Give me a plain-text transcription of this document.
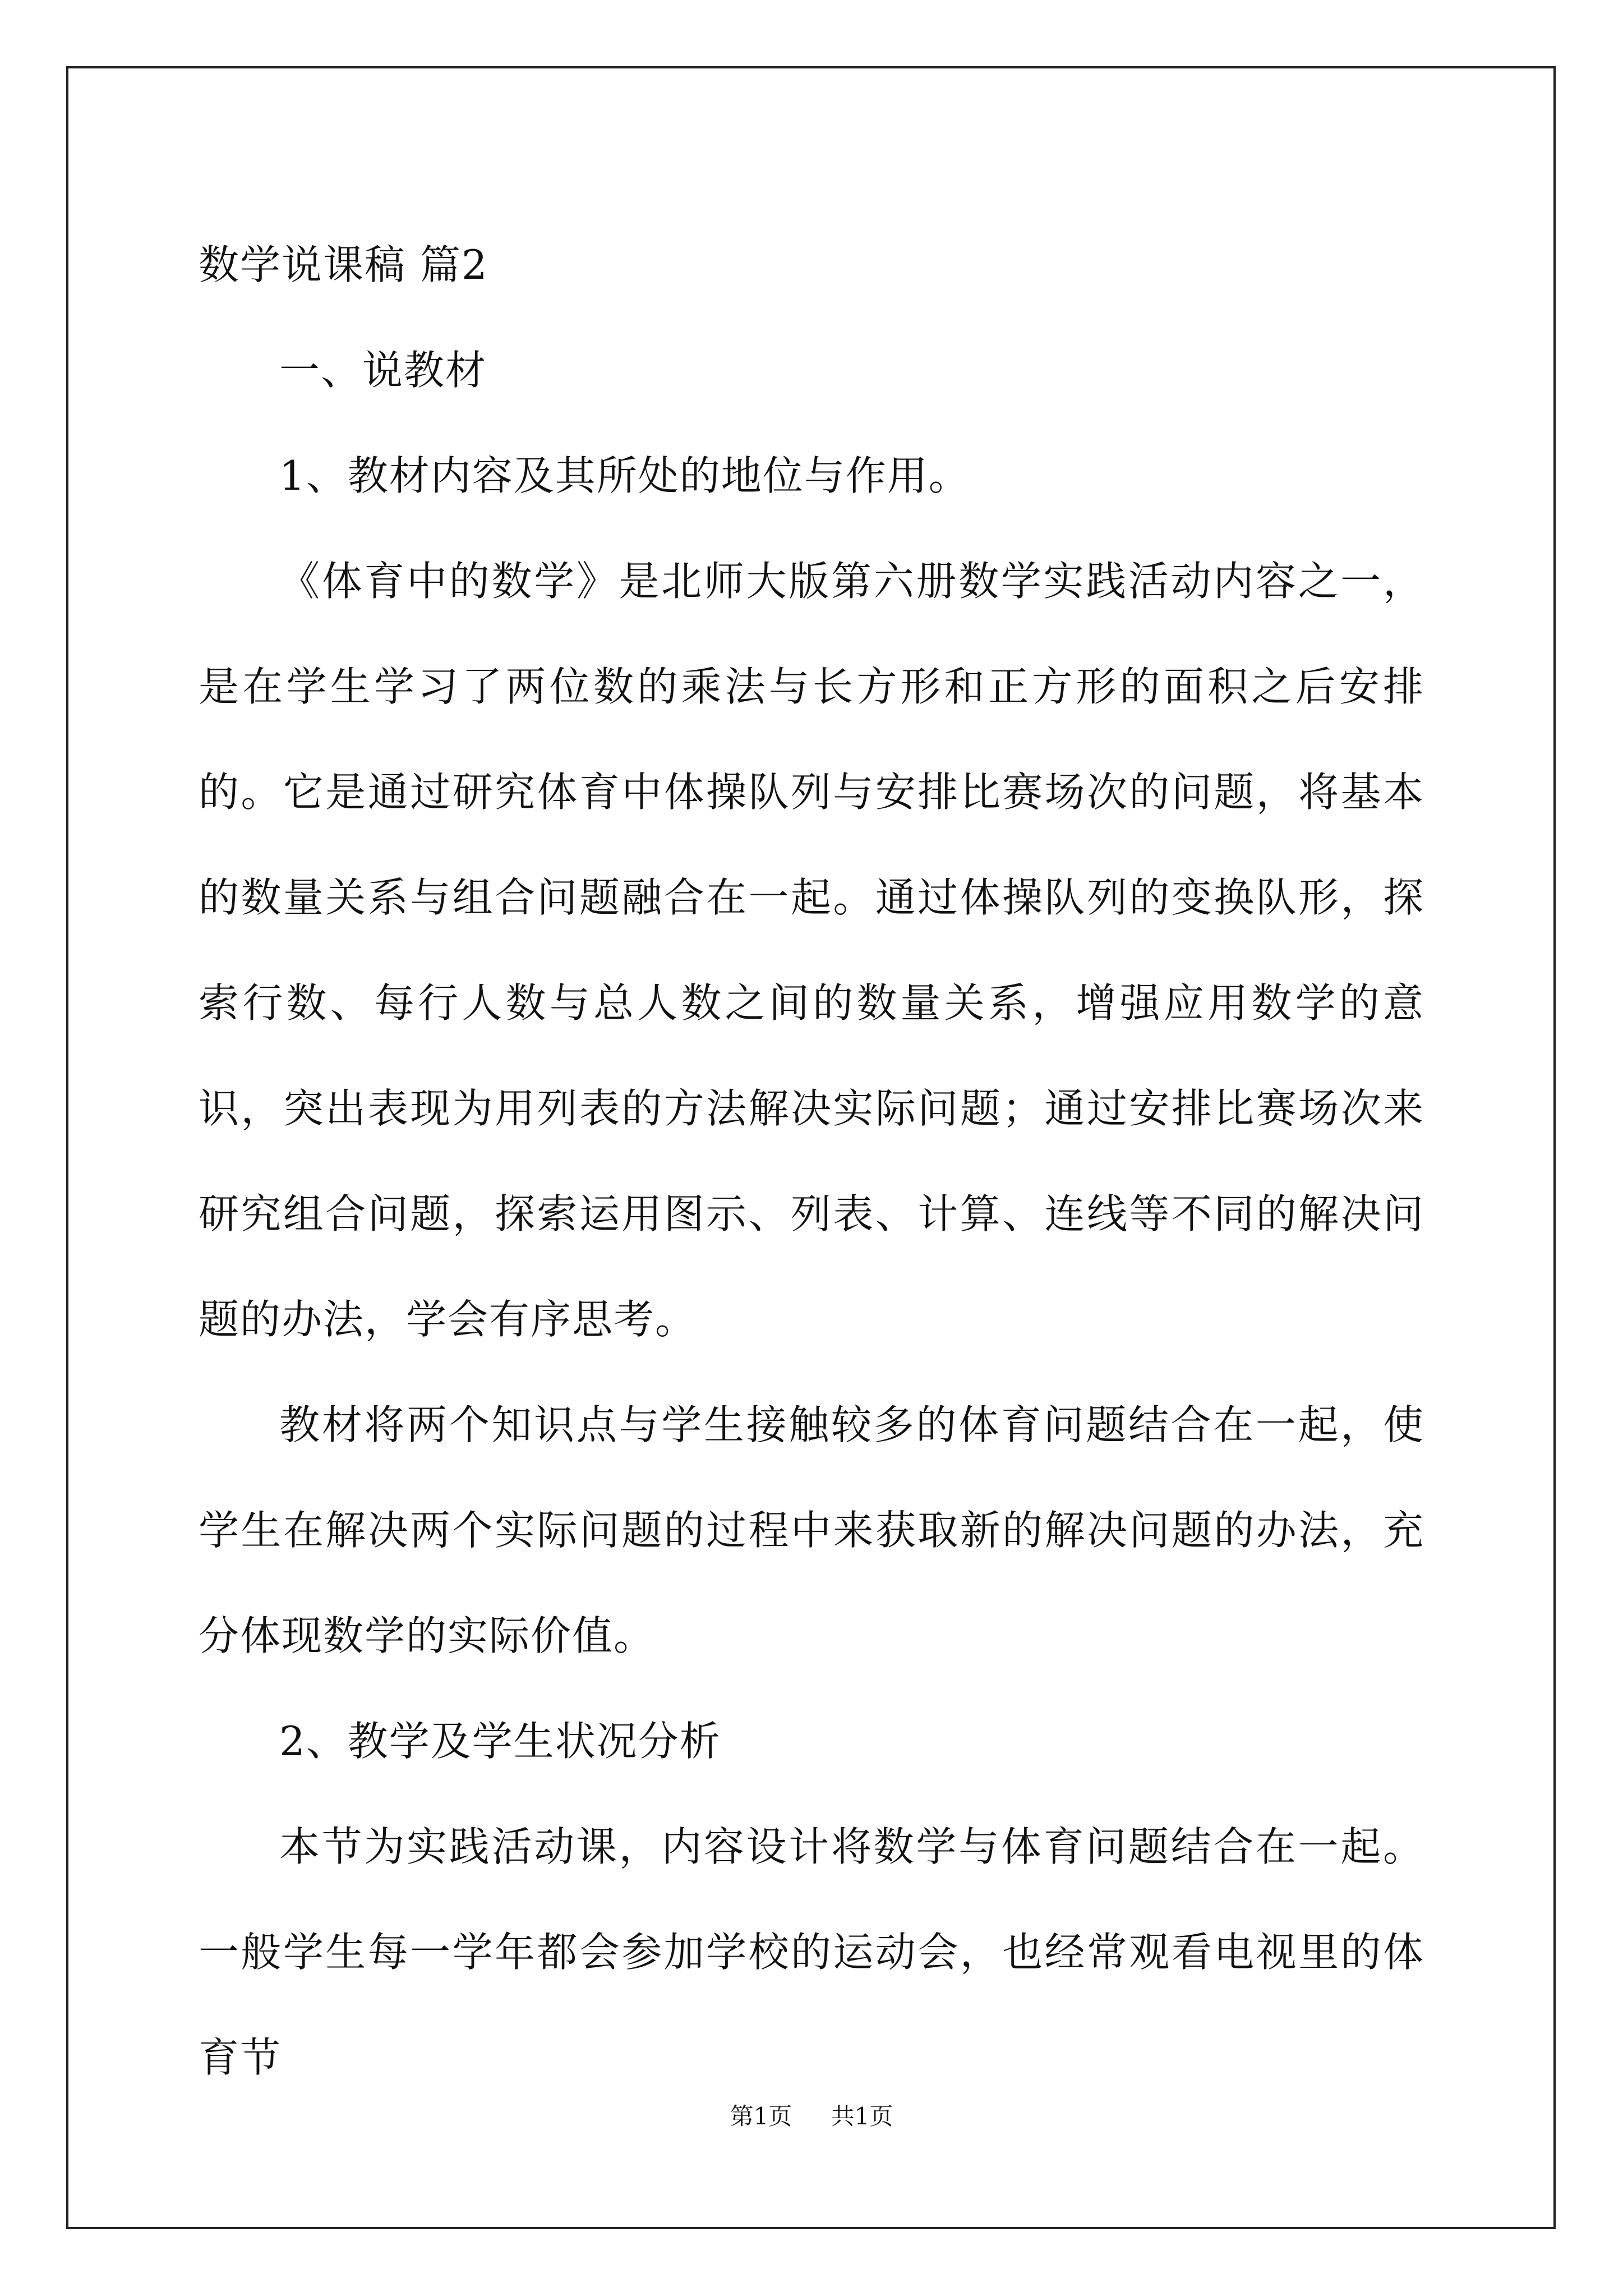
数学说课稿 篇2

一、说教材

1、教材内容及其所处的地位与作用。

《体育中的数学》是北师大版第六册数学实践活动内容之一，是在学生学习了两位数的乘法与长方形和正方形的面积之后安排的。它是通过研究体育中体操队列与安排比赛场次的问题，将基本的数量关系与组合问题融合在一起。通过体操队列的变换队形，探索行数、每行人数与总人数之间的数量关系，增强应用数学的意识，突出表现为用列表的方法解决实际问题；通过安排比赛场次来研究组合问题，探索运用图示、列表、计算、连线等不同的解决问题的办法，学会有序思考。

教材将两个知识点与学生接触较多的体育问题结合在一起，使学生在解决两个实际问题的过程中来获取新的解决问题的办法，充分体现数学的实际价值。

2、教学及学生状况分析

本节为实践活动课，内容设计将数学与体育问题结合在一起。一般学生每一学年都会参加学校的运动会，也经常观看电视里的体育节

第1页 共1页
